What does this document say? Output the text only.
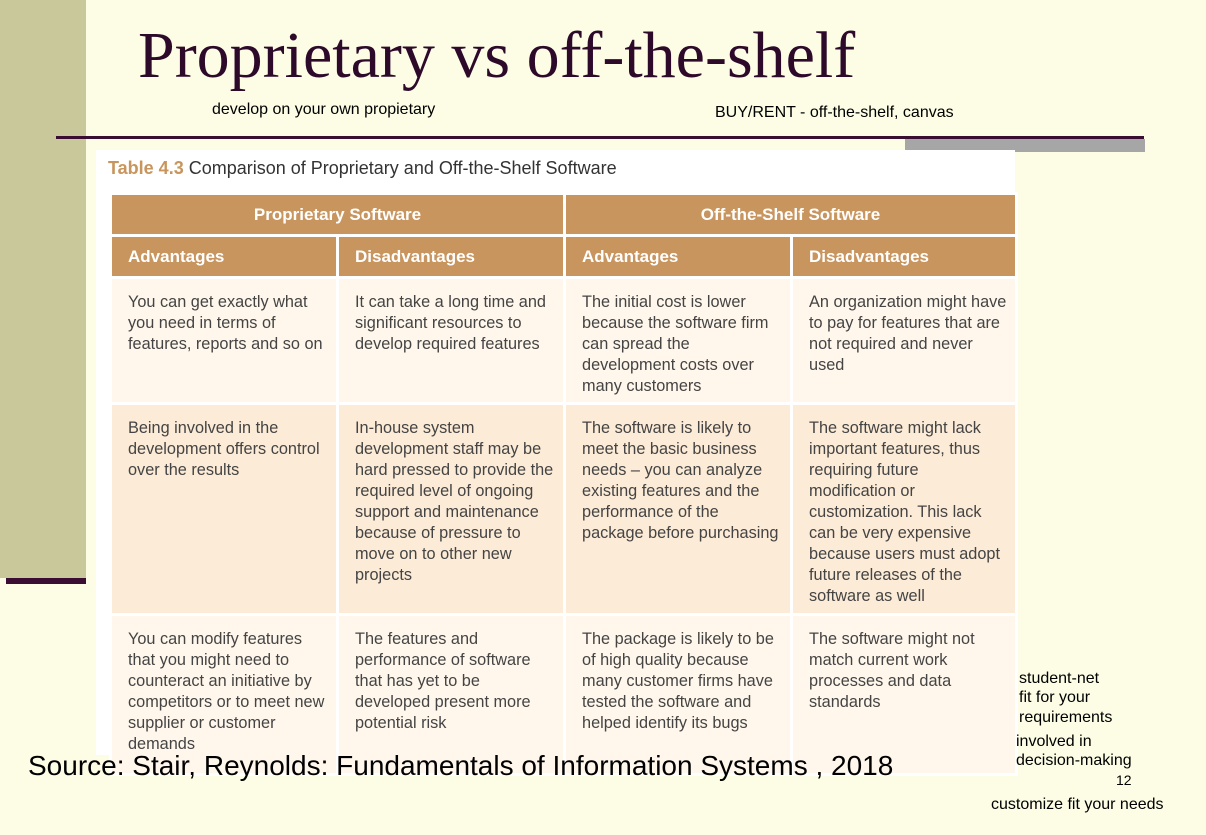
Proprietary vs off-the-shelf
develop on your own propietary	BUY/RENT - off-the-shelf, canvas

Table 4.3 Comparison of Proprietary and Off-the-Shelf Software

Proprietary Software		Off-the-Shelf Software	
Advantages	Disadvantages	Advantages	Disadvantages
You can get exactly what you need in terms of features, reports and so on	It can take a long time and significant resources to develop required features	The initial cost is lower because the software firm can spread the development costs over many customers	An organization might have to pay for features that are not required and never used
Being involved in the development offers control over the results	In-house system development staff may be hard pressed to provide the required level of ongoing support and maintenance because of pressure to move on to other new projects	The software is likely to meet the basic business needs – you can analyze existing features and the performance of the package before purchasing	The software might lack important features, thus requiring future modification or customization. This lack can be very expensive because users must adopt future releases of the software as well
You can modify features that you might need to counteract an initiative by competitors or to meet new supplier or customer demands	The features and performance of software that has yet to be developed present more potential risk	The package is likely to be of high quality because many customer firms have tested the software and helped identify its bugs	The software might not match current work processes and data standards

Source: Stair, Reynolds: Fundamentals of Information Systems , 2018

student-net
fit for your
requirements
involved in
decision-making
12
customize fit your needs
